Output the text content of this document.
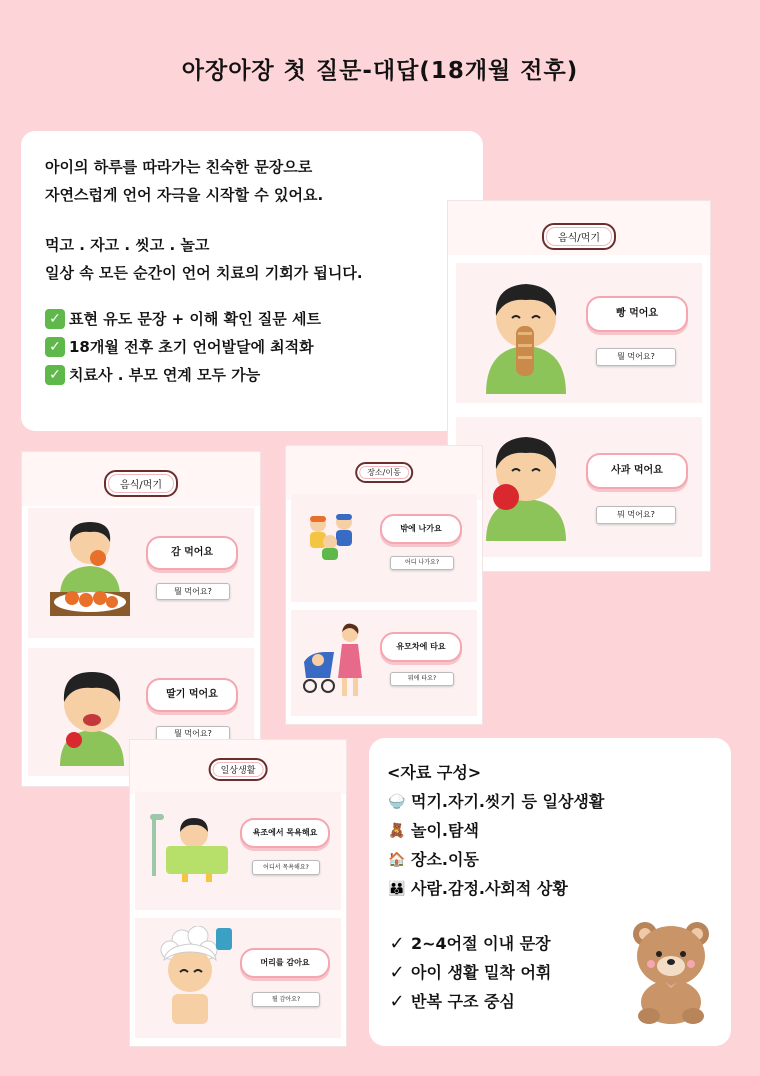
아장아장 첫 질문-대답(18개월 전후)

아이의 하루를 따라가는 친숙한 문장으로

자연스럽게 언어 자극을 시작할 수 있어요.

먹고 . 자고 . 씻고 . 놀고

일상 속 모든 순간이 언어 치료의 기회가 됩니다.

✓ 표현 유도 문장 + 이해 확인 질문 세트

✓ 18개월 전후 초기 언어발달에 최적화

✓ 치료사 . 부모 연계 모두 가능

음식/먹기
빵 먹어요
뭘 먹어요?
사과 먹어요
뭐 먹어요?
음식/먹기
감 먹어요
뭘 먹어요?
딸기 먹어요
뭘 먹어요?
장소/이동
밖에 나가요
어디 나가요?
유모차에 타요
뭐에 타요?
일상생활
욕조에서 목욕해요
어디서 목욕해요?
머리를 감아요
뭘 감아요?
<자료 구성>
🍚 먹기.자기.씻기 등 일상생활
🧸 놀이.탐색
🏠 장소.이동
👪 사람.감정.사회적 상황
✓ 2~4어절 이내 문장
✓ 아이 생활 밀착 어휘
✓ 반복 구조 중심
